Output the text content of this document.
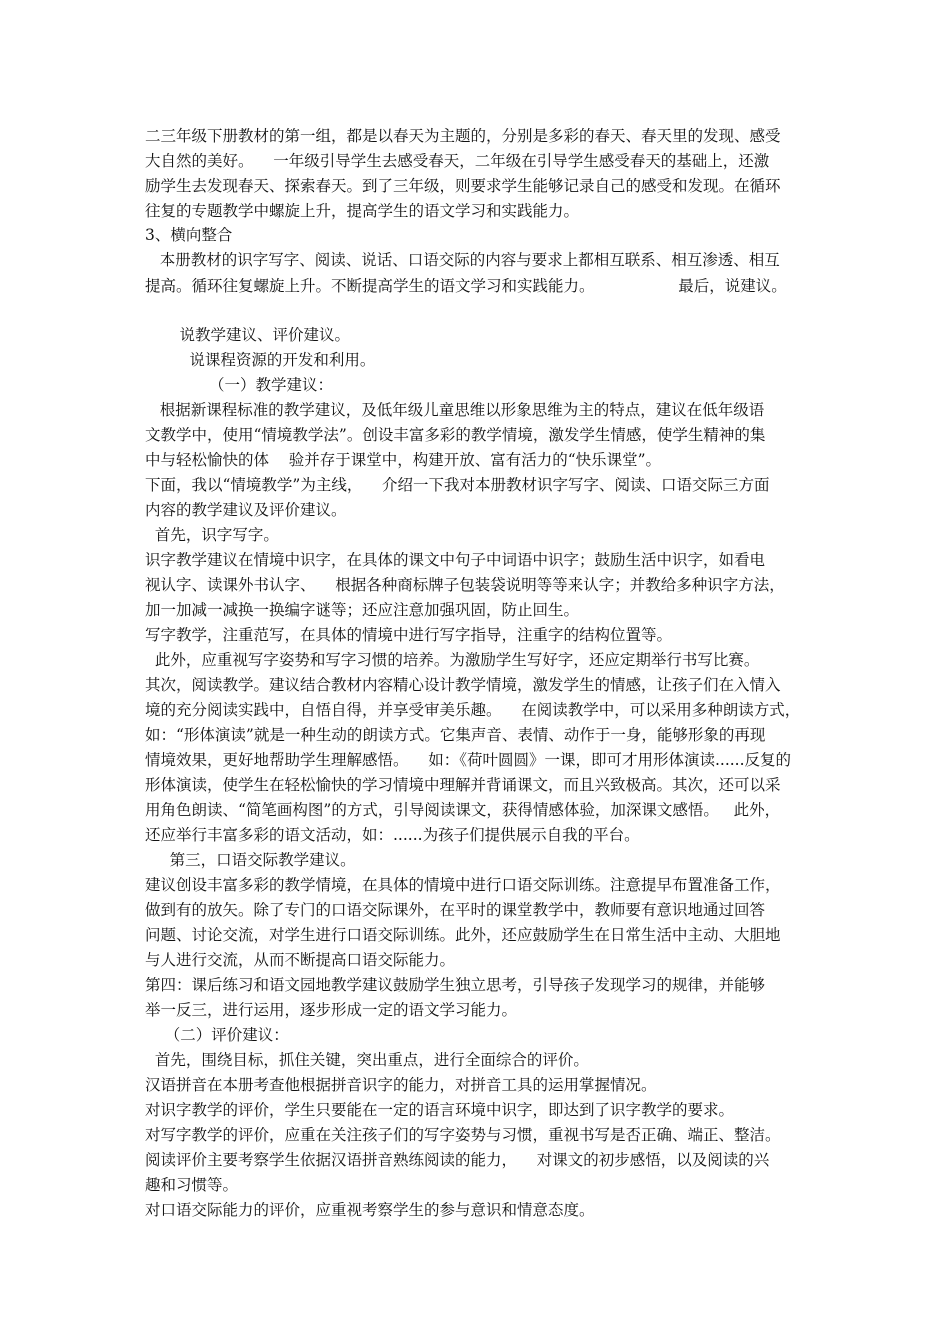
二三年级下册教材的第一组，都是以春天为主题的，分别是多彩的春天、春天里的发现、感受
大自然的美好。    一年级引导学生去感受春天，二年级在引导学生感受春天的基础上，还激
励学生去发现春天、探索春天。到了三年级，则要求学生能够记录自己的感受和发现。在循环
往复的专题教学中螺旋上升，提高学生的语文学习和实践能力。
3、横向整合
本册教材的识字写字、阅读、说话、口语交际的内容与要求上都相互联系、相互渗透、相互
提高。循环往复螺旋上升。不断提高学生的语文学习和实践能力。                 最后，说建议。
说教学建议、评价建议。
说课程资源的开发和利用。
（一）教学建议：
根据新课程标准的教学建议，及低年级儿童思维以形象思维为主的特点，建议在低年级语
文教学中，使用“情境教学法”。创设丰富多彩的教学情境，激发学生情感，使学生精神的集
中与轻松愉快的体    验并存于课堂中，构建开放、富有活力的“快乐课堂”。
下面，我以“情境教学”为主线，    介绍一下我对本册教材识字写字、阅读、口语交际三方面
内容的教学建议及评价建议。
首先，识字写字。
识字教学建议在情境中识字，在具体的课文中句子中词语中识字；鼓励生活中识字，如看电
视认字、读课外书认字、    根据各种商标牌子包装袋说明等等来认字；并教给多种识字方法，
加一加减一减换一换编字谜等；还应注意加强巩固，防止回生。
写字教学，注重范写，在具体的情境中进行写字指导，注重字的结构位置等。
此外，应重视写字姿势和写字习惯的培养。为激励学生写好字，还应定期举行书写比赛。
其次，阅读教学。建议结合教材内容精心设计教学情境，激发学生的情感，让孩子们在入情入
境的充分阅读实践中，自悟自得，并享受审美乐趣。    在阅读教学中，可以采用多种朗读方式，
如：“形体演读”就是一种生动的朗读方式。它集声音、表情、动作于一身，能够形象的再现
情境效果，更好地帮助学生理解感悟。    如：《荷叶圆圆》一课，即可才用形体演读......反复的
形体演读，使学生在轻松愉快的学习情境中理解并背诵课文，而且兴致极高。其次，还可以采
用角色朗读、“简笔画构图”的方式，引导阅读课文，获得情感体验，加深课文感悟。   此外，
还应举行丰富多彩的语文活动，如：......为孩子们提供展示自我的平台。
第三，口语交际教学建议。
建议创设丰富多彩的教学情境，在具体的情境中进行口语交际训练。注意提早布置准备工作，
做到有的放矢。除了专门的口语交际课外，在平时的课堂教学中，教师要有意识地通过回答
问题、讨论交流，对学生进行口语交际训练。此外，还应鼓励学生在日常生活中主动、大胆地
与人进行交流，从而不断提高口语交际能力。
第四：课后练习和语文园地教学建议鼓励学生独立思考，引导孩子发现学习的规律，并能够
举一反三，进行运用，逐步形成一定的语文学习能力。
（二）评价建议：
首先，围绕目标，抓住关键，突出重点，进行全面综合的评价。
汉语拼音在本册考查他根据拼音识字的能力，对拼音工具的运用掌握情况。
对识字教学的评价，学生只要能在一定的语言环境中识字，即达到了识字教学的要求。
对写字教学的评价，应重在关注孩子们的写字姿势与习惯，重视书写是否正确、端正、整洁。
阅读评价主要考察学生依据汉语拼音熟练阅读的能力，    对课文的初步感悟，以及阅读的兴
趣和习惯等。
对口语交际能力的评价，应重视考察学生的参与意识和情意态度。
